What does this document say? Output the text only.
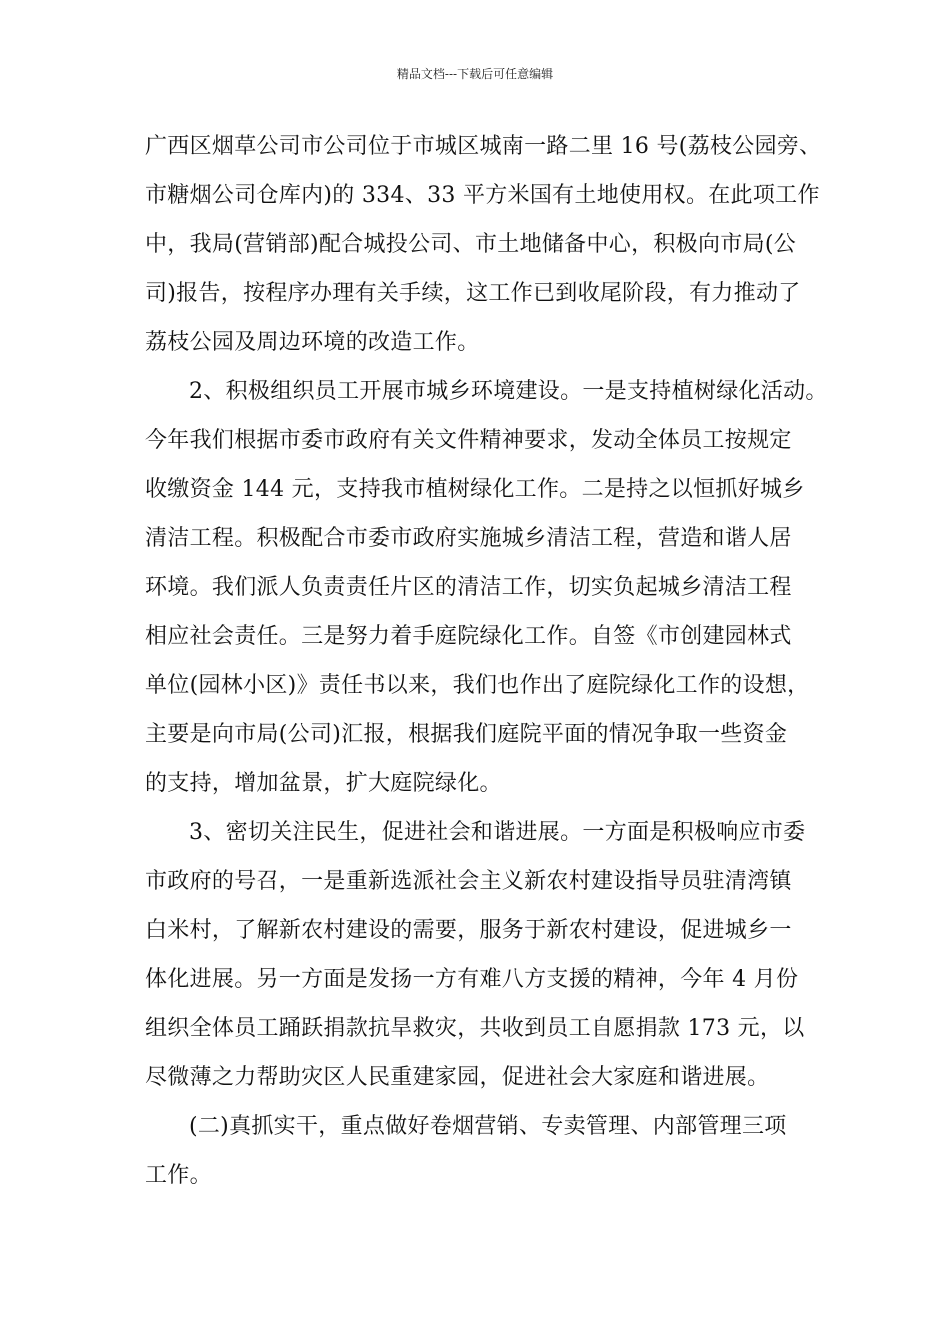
精品文档---下载后可任意编辑

广西区烟草公司市公司位于市城区城南一路二里 16 号(荔枝公园旁、
市糖烟公司仓库内)的 334、33 平方米国有土地使用权。在此项工作
中，我局(营销部)配合城投公司、市土地储备中心，积极向市局(公
司)报告，按程序办理有关手续，这工作已到收尾阶段，有力推动了
荔枝公园及周边环境的改造工作。

2、积极组织员工开展市城乡环境建设。一是支持植树绿化活动。
今年我们根据市委市政府有关文件精神要求，发动全体员工按规定
收缴资金 144 元，支持我市植树绿化工作。二是持之以恒抓好城乡
清洁工程。积极配合市委市政府实施城乡清洁工程，营造和谐人居
环境。我们派人负责责任片区的清洁工作，切实负起城乡清洁工程
相应社会责任。三是努力着手庭院绿化工作。自签《市创建园林式
单位(园林小区)》责任书以来，我们也作出了庭院绿化工作的设想，
主要是向市局(公司)汇报，根据我们庭院平面的情况争取一些资金
的支持，增加盆景，扩大庭院绿化。

3、密切关注民生，促进社会和谐进展。一方面是积极响应市委
市政府的号召，一是重新选派社会主义新农村建设指导员驻清湾镇
白米村，了解新农村建设的需要，服务于新农村建设，促进城乡一
体化进展。另一方面是发扬一方有难八方支援的精神，今年 4 月份
组织全体员工踊跃捐款抗旱救灾，共收到员工自愿捐款 173 元，以
尽微薄之力帮助灾区人民重建家园，促进社会大家庭和谐进展。

(二)真抓实干，重点做好卷烟营销、专卖管理、内部管理三项
工作。
